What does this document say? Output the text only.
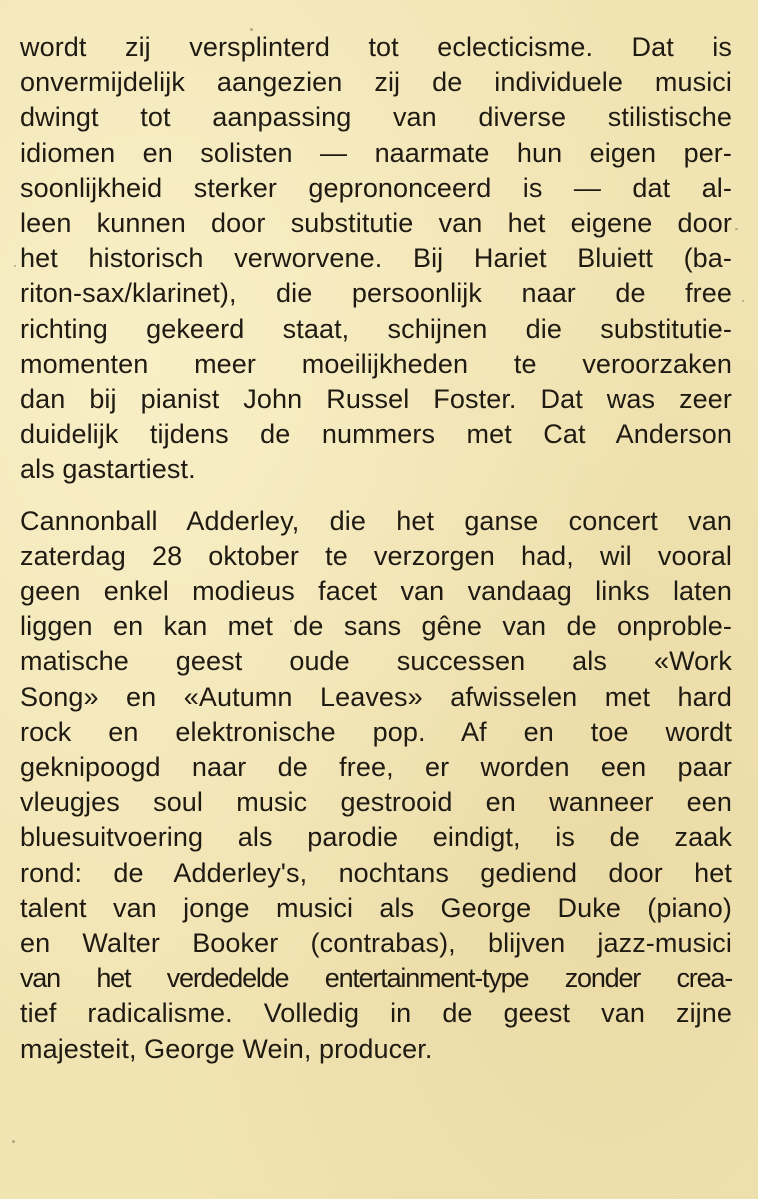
wordt zij versplinterd tot eclecticisme. Dat is
onvermijdelijk aangezien zij de individuele musici
dwingt tot aanpassing van diverse stilistische
idiomen en solisten — naarmate hun eigen per-
soonlijkheid sterker geprononceerd is — dat al-
leen kunnen door substitutie van het eigene door
het historisch verworvene. Bij Hariet Bluiett (ba-
riton-sax/klarinet), die persoonlijk naar de free
richting gekeerd staat, schijnen die substitutie-
momenten meer moeilijkheden te veroorzaken
dan bij pianist John Russel Foster. Dat was zeer
duidelijk tijdens de nummers met Cat Anderson
als gastartiest.

Cannonball Adderley, die het ganse concert van
zaterdag 28 oktober te verzorgen had, wil vooral
geen enkel modieus facet van vandaag links laten
liggen en kan met de sans gêne van de onproble-
matische geest oude successen als «Work
Song» en «Autumn Leaves» afwisselen met hard
rock en elektronische pop. Af en toe wordt
geknipoogd naar de free, er worden een paar
vleugjes soul music gestrooid en wanneer een
bluesuitvoering als parodie eindigt, is de zaak
rond: de Adderley's, nochtans gediend door het
talent van jonge musici als George Duke (piano)
en Walter Booker (contrabas), blijven jazz-musici
van het verdedelde entertainment-type zonder crea-
tief radicalisme. Volledig in de geest van zijne
majesteit, George Wein, producer.
